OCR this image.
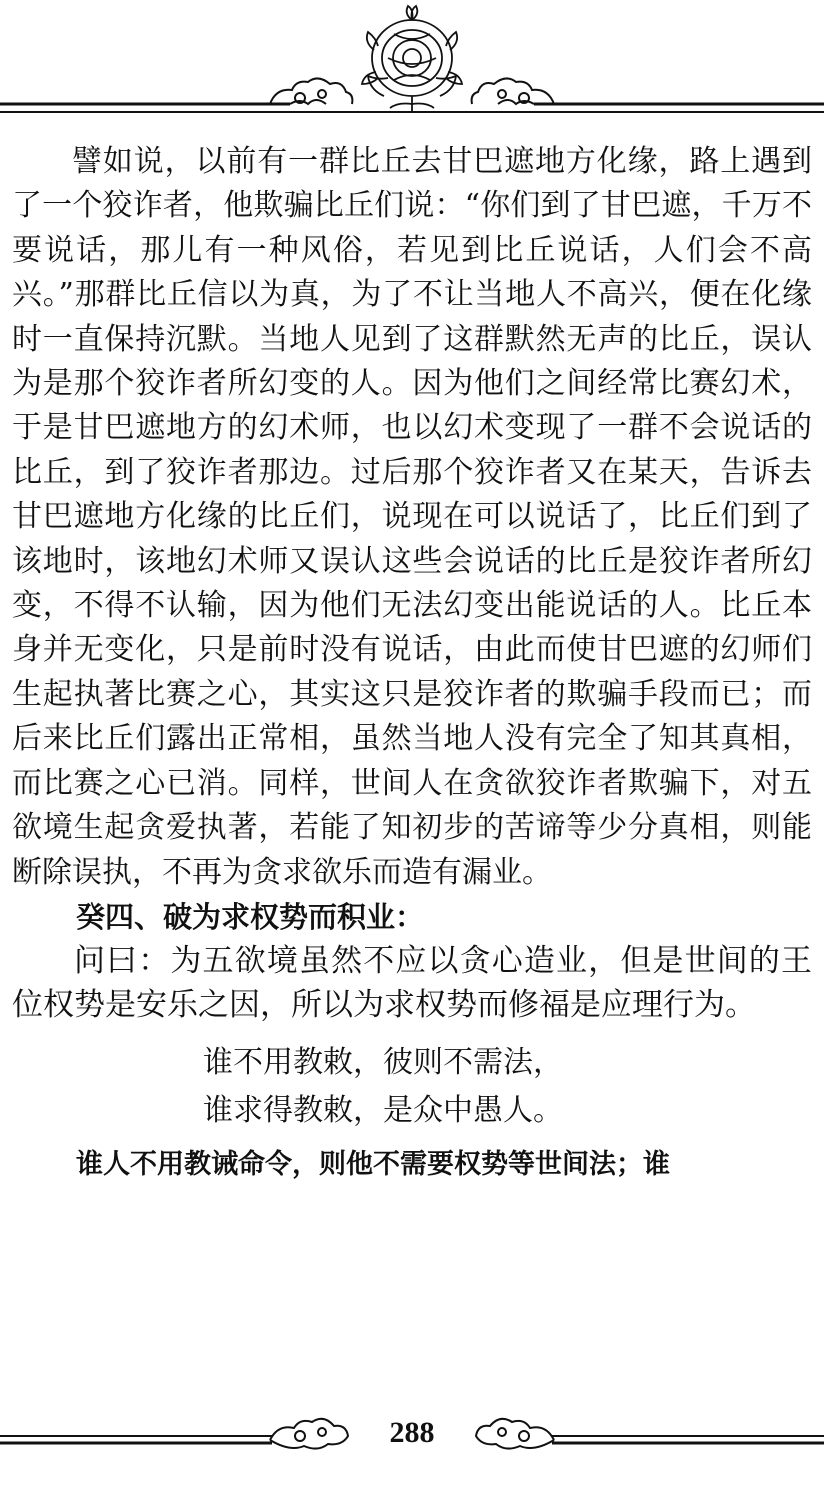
譬如说，以前有一群比丘去甘巴遮地方化缘，路上遇到了一个狡诈者，他欺骗比丘们说：“你们到了甘巴遮，千万不要说话，那儿有一种风俗，若见到比丘说话，人们会不高兴。”那群比丘信以为真，为了不让当地人不高兴，便在化缘时一直保持沉默。当地人见到了这群默然无声的比丘，误认为是那个狡诈者所幻变的人。因为他们之间经常比赛幻术，于是甘巴遮地方的幻术师，也以幻术变现了一群不会说话的比丘，到了狡诈者那边。过后那个狡诈者又在某天，告诉去甘巴遮地方化缘的比丘们，说现在可以说话了，比丘们到了该地时，该地幻术师又误认这些会说话的比丘是狡诈者所幻变，不得不认输，因为他们无法幻变出能说话的人。比丘本身并无变化，只是前时没有说话，由此而使甘巴遮的幻师们生起执著比赛之心，其实这只是狡诈者的欺骗手段而已；而后来比丘们露出正常相，虽然当地人没有完全了知其真相，而比赛之心已消。同样，世间人在贪欲狡诈者欺骗下，对五欲境生起贪爱执著，若能了知初步的苦谛等少分真相，则能断除误执，不再为贪求欲乐而造有漏业。

癸四、破为求权势而积业：

问曰：为五欲境虽然不应以贪心造业，但是世间的王位权势是安乐之因，所以为求权势而修福是应理行为。

谁不用教敕，彼则不需法，

谁求得教敕，是众中愚人。

谁人不用教诫命令，则他不需要权势等世间法；谁

288
